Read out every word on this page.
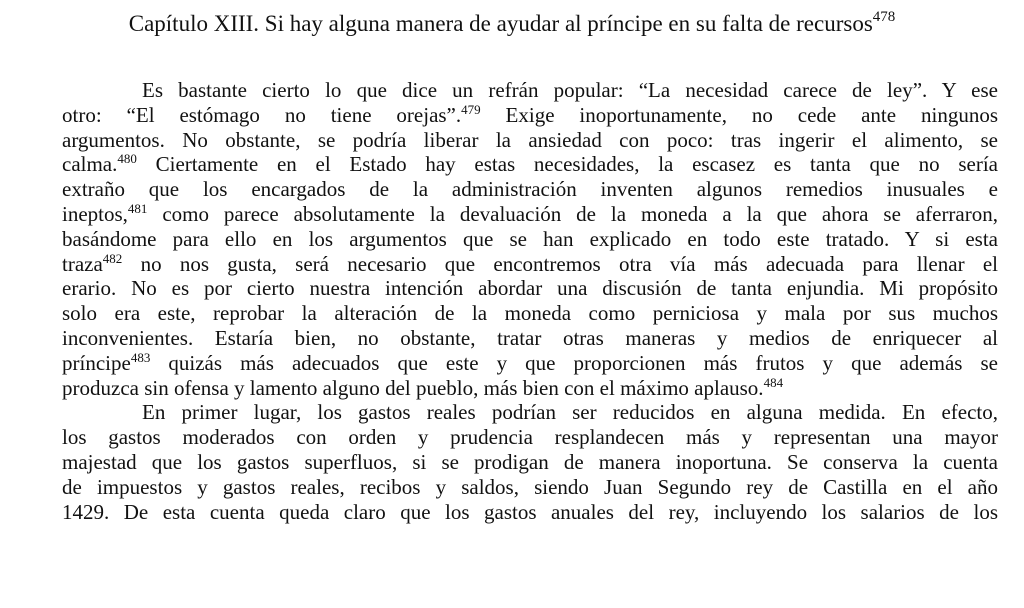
Capítulo XIII. Si hay alguna manera de ayudar al príncipe en su falta de recursos$^{478}$
Es bastante cierto lo que dice un refrán popular: “La necesidad carece de ley”. Y ese
otro: “El estómago no tiene orejas”.$^{479}$ Exige inoportunamente, no cede ante ningunos
argumentos. No obstante, se podría liberar la ansiedad con poco: tras ingerir el alimento, se
calma.$^{480}$ Ciertamente en el Estado hay estas necesidades, la escasez es tanta que no sería
extraño que los encargados de la administración inventen algunos remedios inusuales e
ineptos,$^{481}$ como parece absolutamente la devaluación de la moneda a la que ahora se aferraron,
basándome para ello en los argumentos que se han explicado en todo este tratado. Y si esta
traza$^{482}$ no nos gusta, será necesario que encontremos otra vía más adecuada para llenar el
erario. No es por cierto nuestra intención abordar una discusión de tanta enjundia. Mi propósito
solo era este, reprobar la alteración de la moneda como perniciosa y mala por sus muchos
inconvenientes. Estaría bien, no obstante, tratar otras maneras y medios de enriquecer al
príncipe$^{483}$ quizás más adecuados que este y que proporcionen más frutos y que además se
produzca sin ofensa y lamento alguno del pueblo, más bien con el máximo aplauso.$^{484}$
En primer lugar, los gastos reales podrían ser reducidos en alguna medida. En efecto,
los gastos moderados con orden y prudencia resplandecen más y representan una mayor
majestad que los gastos superfluos, si se prodigan de manera inoportuna. Se conserva la cuenta
de impuestos y gastos reales, recibos y saldos, siendo Juan Segundo rey de Castilla en el año
1429. De esta cuenta queda claro que los gastos anuales del rey, incluyendo los salarios de los
